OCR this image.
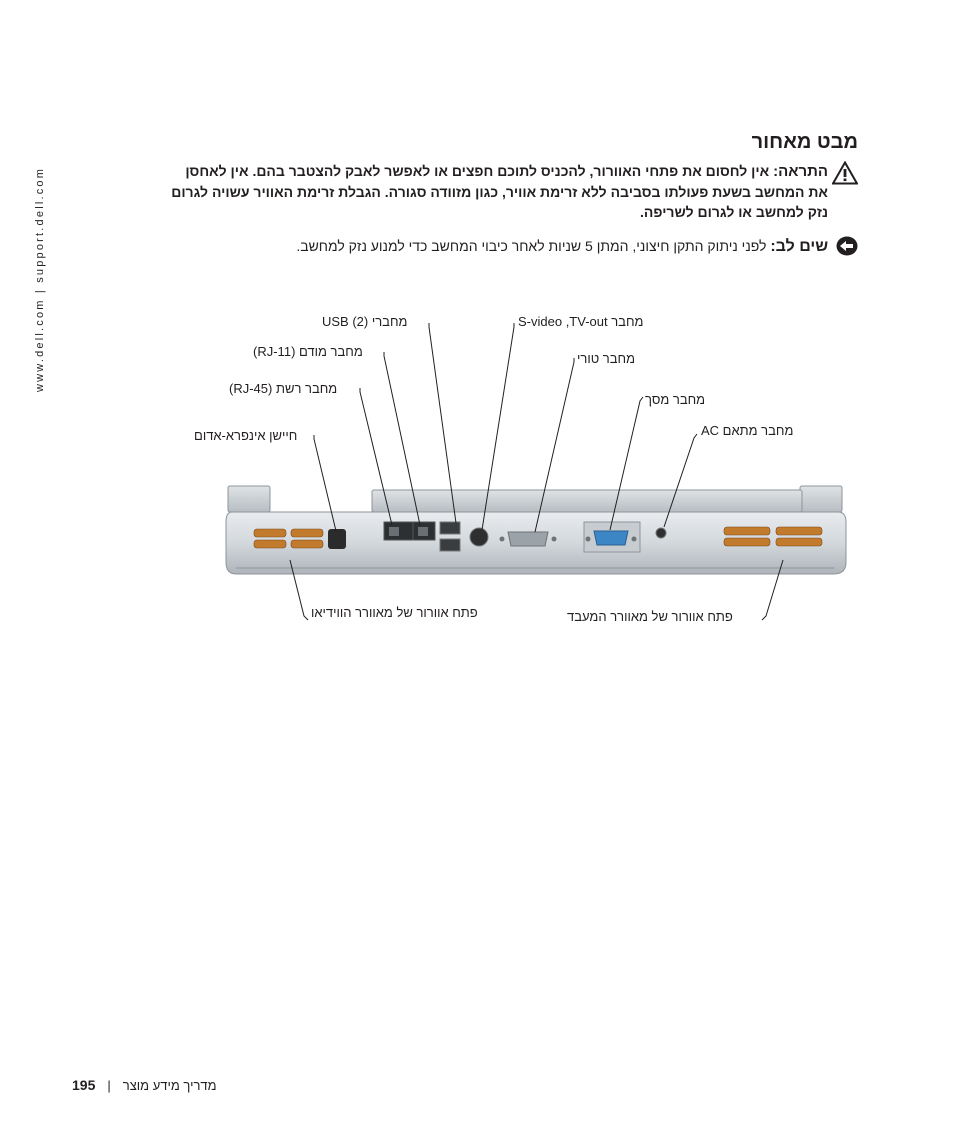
www.dell.com | support.dell.com
מבט מאחור
התראה: אין לחסום את פתחי האוורור, להכניס לתוכם חפצים או לאפשר לאבק להצטבר בהם. אין לאחסן את המחשב בשעת פעולתו בסביבה ללא זרימת אוויר, כגון מזוודה סגורה. הגבלת זרימת האוויר עשויה לגרום נזק למחשב או לגרום לשריפה.
שים לב: לפני ניתוק התקן חיצוני, המתן 5 שניות לאחר כיבוי המחשב כדי למנוע נזק למחשב.
מחברי USB (2)	מחבר S-video ,TV-out
מחבר מודם (RJ-11)	מחבר טורי
מחבר רשת (RJ-45)
מחבר מסך
חיישן אינפרא-אדום	מחבר מתאם AC
פתח אוורור של מאוורר הווידיאו	פתח אוורור של מאוורר המעבד
195 | מדריך מידע מוצר
